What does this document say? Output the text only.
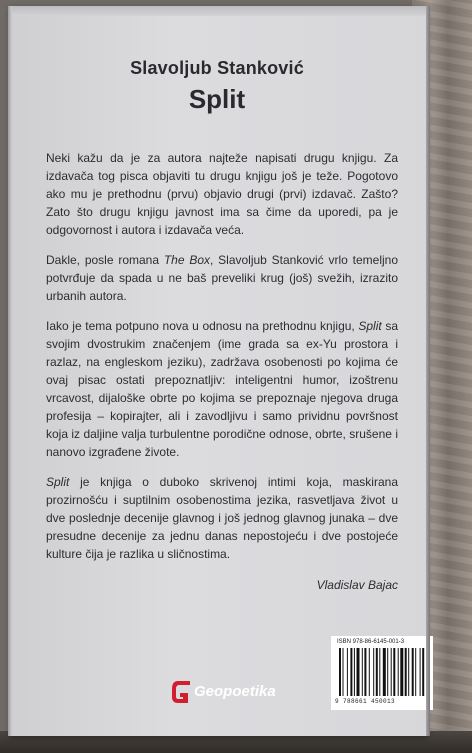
Slavoljub Stanković
Split

Neki kažu da je za autora najteže napisati drugu knjigu. Za izdavača tog pisca objaviti tu drugu knjigu još je teže. Pogotovo ako mu je prethodnu (prvu) objavio drugi (prvi) izdavač. Zašto? Zato što drugu knjigu javnost ima sa čime da uporedi, pa je odgovornost i autora i izdavača veća.

Dakle, posle romana The Box, Slavoljub Stanković vrlo temeljno potvrđuje da spada u ne baš preveliki krug (još) svežih, izrazito urbanih autora.

Iako je tema potpuno nova u odnosu na prethodnu knjigu, Split sa svojim dvostrukim značenjem (ime grada sa ex-Yu prostora i razlaz, na engleskom jeziku), zadržava osobenosti po kojima će ovaj pisac ostati prepoznatljiv: inteligentni humor, izoštrenu vrcavost, dijaloške obrte po kojima se prepoznaje njegova druga profesija – kopirajter, ali i zavodljivu i samo prividnu površnost koja iz daljine valja turbulentne porodične odnose, obrte, srušene i nanovo izgrađene živote.

Split je knjiga o duboko skrivenoj intimi koja, maskirana prozirnošću i suptilnim osobenostima jezika, rasvetljava život u dve poslednje decenije glavnog i još jednog glavnog junaka – dve presudne decenije za jednu danas nepostojeću i dve postojeće kulture čija je razlika u sličnostima.

Vladislav Bajac
Geopoetika
ISBN 978-86-6145-001-3
9 788661 450013
